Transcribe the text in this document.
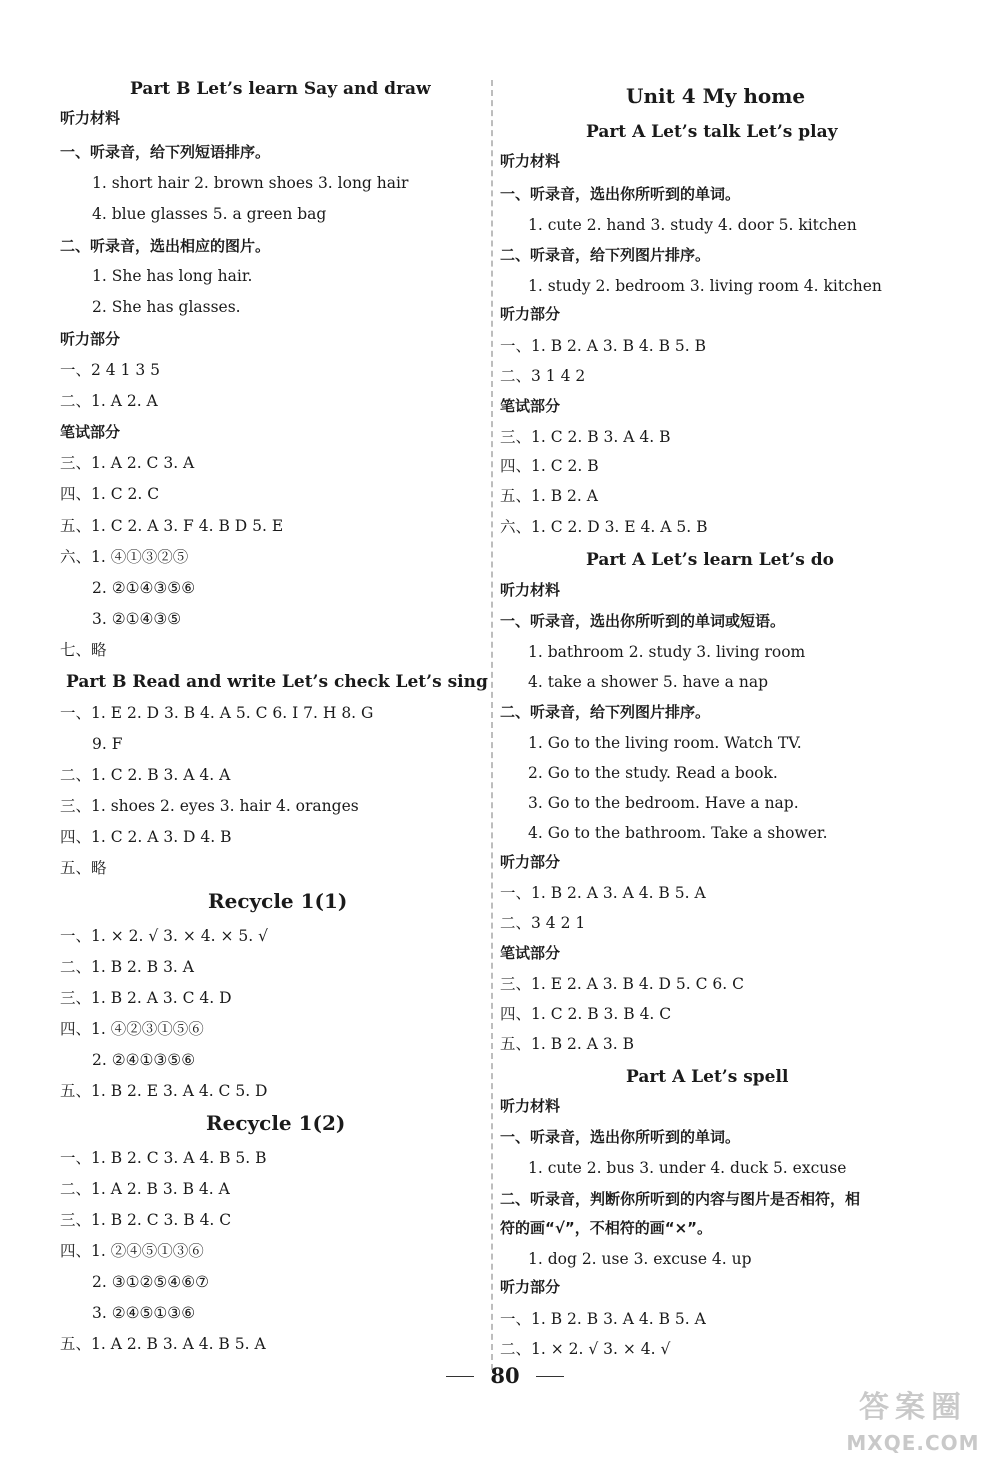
Part B Let’s learn Say and draw
听力材料
一、听录音，给下列短语排序。
1. short hair 2. brown shoes 3. long hair
4. blue glasses 5. a green bag
二、听录音，选出相应的图片。
1. She has long hair.
2. She has glasses.
听力部分
一、2 4 1 3 5
二、1. A 2. A
笔试部分
三、1. A 2. C 3. A
四、1. C 2. C
五、1. C 2. A 3. F 4. B D 5. E
六、1. ④①③②⑤
2. ②①④③⑤⑥
3. ②①④③⑤
七、略
Part B Read and write Let’s check Let’s sing
一、1. E 2. D 3. B 4. A 5. C 6. I 7. H 8. G
9. F
二、1. C 2. B 3. A 4. A
三、1. shoes 2. eyes 3. hair 4. oranges
四、1. C 2. A 3. D 4. B
五、略
Recycle 1(1)
一、1. × 2. √ 3. × 4. × 5. √
二、1. B 2. B 3. A
三、1. B 2. A 3. C 4. D
四、1. ④②③①⑤⑥
2. ②④①③⑤⑥
五、1. B 2. E 3. A 4. C 5. D
Recycle 1(2)
一、1. B 2. C 3. A 4. B 5. B
二、1. A 2. B 3. B 4. A
三、1. B 2. C 3. B 4. C
四、1. ②④⑤①③⑥
2. ③①②⑤④⑥⑦
3. ②④⑤①③⑥
五、1. A 2. B 3. A 4. B 5. A
Unit 4 My home
Part A Let’s talk Let’s play
听力材料
一、听录音，选出你所听到的单词。
1. cute 2. hand 3. study 4. door 5. kitchen
二、听录音，给下列图片排序。
1. study 2. bedroom 3. living room 4. kitchen
听力部分
一、1. B 2. A 3. B 4. B 5. B
二、3 1 4 2
笔试部分
三、1. C 2. B 3. A 4. B
四、1. C 2. B
五、1. B 2. A
六、1. C 2. D 3. E 4. A 5. B
Part A Let’s learn Let’s do
听力材料
一、听录音，选出你所听到的单词或短语。
1. bathroom 2. study 3. living room
4. take a shower 5. have a nap
二、听录音，给下列图片排序。
1. Go to the living room. Watch TV.
2. Go to the study. Read a book.
3. Go to the bedroom. Have a nap.
4. Go to the bathroom. Take a shower.
听力部分
一、1. B 2. A 3. A 4. B 5. A
二、3 4 2 1
笔试部分
三、1. E 2. A 3. B 4. D 5. C 6. C
四、1. C 2. B 3. B 4. C
五、1. B 2. A 3. B
Part A Let’s spell
听力材料
一、听录音，选出你所听到的单词。
1. cute 2. bus 3. under 4. duck 5. excuse
二、听录音，判断你所听到的内容与图片是否相符，相
符的画“√”，不相符的画“×”。
1. dog 2. use 3. excuse 4. up
听力部分
一、1. B 2. B 3. A 4. B 5. A
二、1. × 2. √ 3. × 4. √
80
答案圈
MXQE.COM
